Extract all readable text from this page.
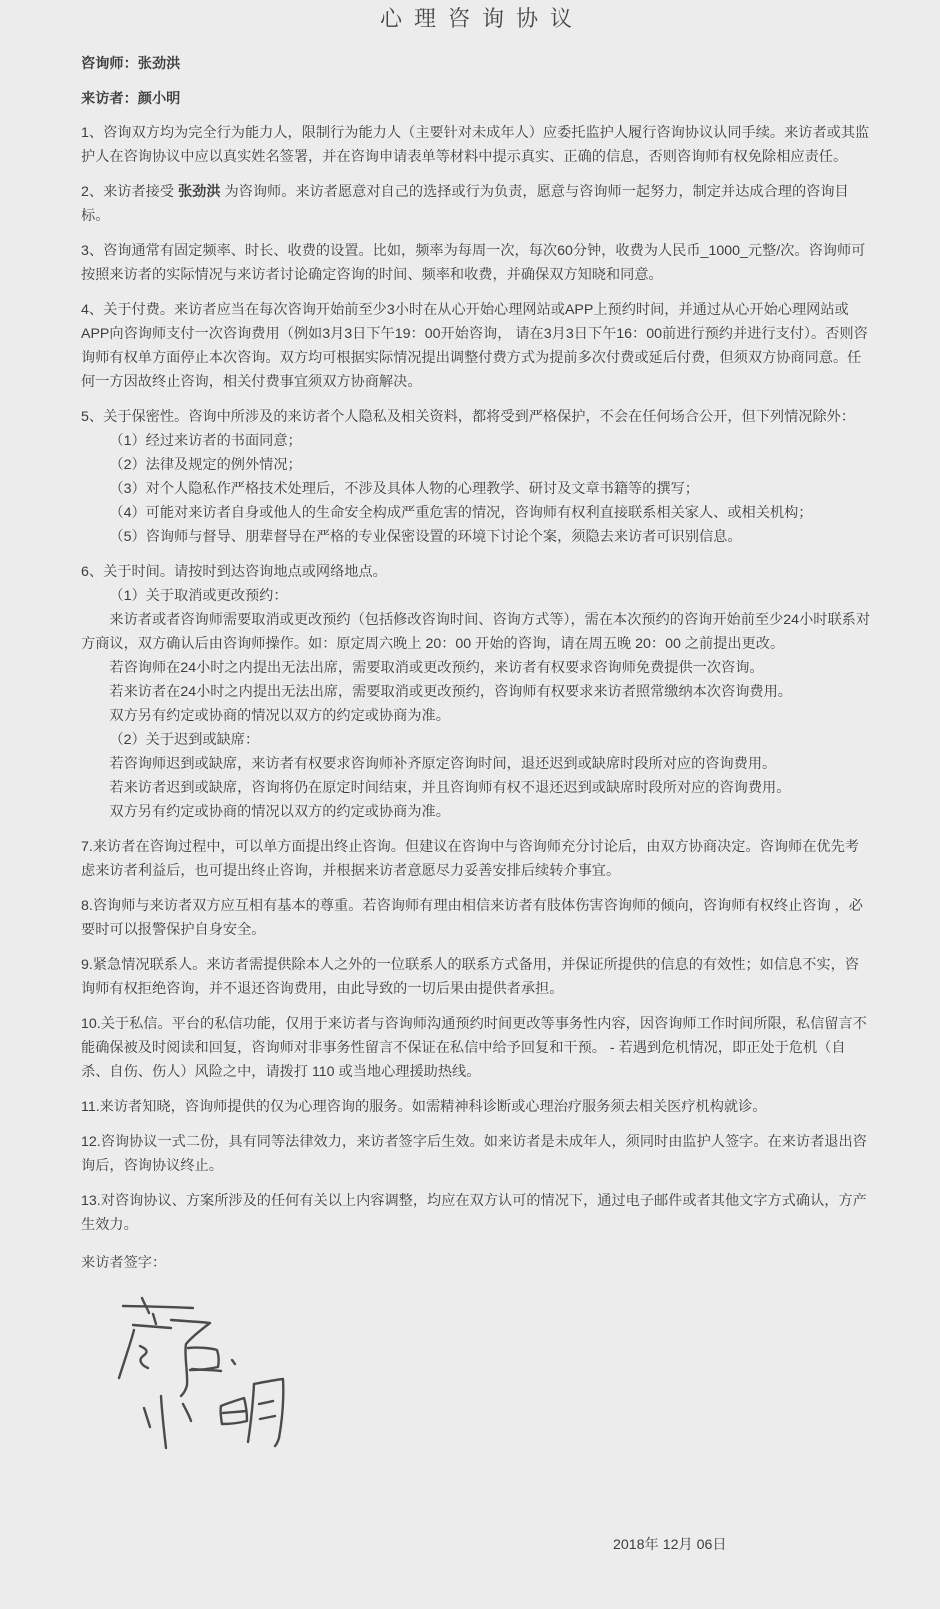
心理咨询协议

咨询师：张劲洪

来访者：颜小明

1、咨询双方均为完全行为能力人，限制行为能力人（主要针对未成年人）应委托监护人履行咨询协议认同手续。来访者或其监护人在咨询协议中应以真实姓名签署，并在咨询申请表单等材料中提示真实、正确的信息，否则咨询师有权免除相应责任。

2、来访者接受 张劲洪 为咨询师。来访者愿意对自己的选择或行为负责，愿意与咨询师一起努力，制定并达成合理的咨询目标。

3、咨询通常有固定频率、时长、收费的设置。比如，频率为每周一次，每次60分钟，收费为人民币_1000_元整/次。咨询师可按照来访者的实际情况与来访者讨论确定咨询的时间、频率和收费，并确保双方知晓和同意。

4、关于付费。来访者应当在每次咨询开始前至少3小时在从心开始心理网站或APP上预约时间，并通过从心开始心理网站或APP向咨询师支付一次咨询费用（例如3月3日下午19：00开始咨询， 请在3月3日下午16：00前进行预约并进行支付）。否则咨询师有权单方面停止本次咨询。双方均可根据实际情况提出调整付费方式为提前多次付费或延后付费，但须双方协商同意。任何一方因故终止咨询，相关付费事宜须双方协商解决。

5、关于保密性。咨询中所涉及的来访者个人隐私及相关资料，都将受到严格保护，不会在任何场合公开，但下列情况除外：
（1）经过来访者的书面同意；
（2）法律及规定的例外情况；
（3）对个人隐私作严格技术处理后，不涉及具体人物的心理教学、研讨及文章书籍等的撰写；
（4）可能对来访者自身或他人的生命安全构成严重危害的情况，咨询师有权利直接联系相关家人、或相关机构；
（5）咨询师与督导、朋辈督导在严格的专业保密设置的环境下讨论个案，须隐去来访者可识别信息。
6、关于时间。请按时到达咨询地点或网络地点。
（1）关于取消或更改预约：
来访者或者咨询师需要取消或更改预约（包括修改咨询时间、咨询方式等），需在本次预约的咨询开始前至少24小时联系对方商议，双方确认后由咨询师操作。如：原定周六晚上 20：00 开始的咨询，请在周五晚 20：00 之前提出更改。
若咨询师在24小时之内提出无法出席，需要取消或更改预约，来访者有权要求咨询师免费提供一次咨询。
若来访者在24小时之内提出无法出席，需要取消或更改预约，咨询师有权要求来访者照常缴纳本次咨询费用。
双方另有约定或协商的情况以双方的约定或协商为准。
（2）关于迟到或缺席：
若咨询师迟到或缺席，来访者有权要求咨询师补齐原定咨询时间，退还迟到或缺席时段所对应的咨询费用。
若来访者迟到或缺席，咨询将仍在原定时间结束，并且咨询师有权不退还迟到或缺席时段所对应的咨询费用。
双方另有约定或协商的情况以双方的约定或协商为准。

7.来访者在咨询过程中，可以单方面提出终止咨询。但建议在咨询中与咨询师充分讨论后，由双方协商决定。咨询师在优先考虑来访者利益后，也可提出终止咨询，并根据来访者意愿尽力妥善安排后续转介事宜。

8.咨询师与来访者双方应互相有基本的尊重。若咨询师有理由相信来访者有肢体伤害咨询师的倾向，咨询师有权终止咨询 ，必要时可以报警保护自身安全。

9.紧急情况联系人。来访者需提供除本人之外的一位联系人的联系方式备用，并保证所提供的信息的有效性；如信息不实，咨询师有权拒绝咨询，并不退还咨询费用，由此导致的一切后果由提供者承担。

10.关于私信。平台的私信功能，仅用于来访者与咨询师沟通预约时间更改等事务性内容，因咨询师工作时间所限，私信留言不能确保被及时阅读和回复，咨询师对非事务性留言不保证在私信中给予回复和干预。 - 若遇到危机情况，即正处于危机（自杀、自伤、伤人）风险之中，请拨打 110 或当地心理援助热线。

11.来访者知晓，咨询师提供的仅为心理咨询的服务。如需精神科诊断或心理治疗服务须去相关医疗机构就诊。

12.咨询协议一式二份，具有同等法律效力，来访者签字后生效。如来访者是未成年人，须同时由监护人签字。在来访者退出咨询后，咨询协议终止。

13.对咨询协议、方案所涉及的任何有关以上内容调整，均应在双方认可的情况下，通过电子邮件或者其他文字方式确认，方产生效力。

来访者签字：
2018年 12月 06日
